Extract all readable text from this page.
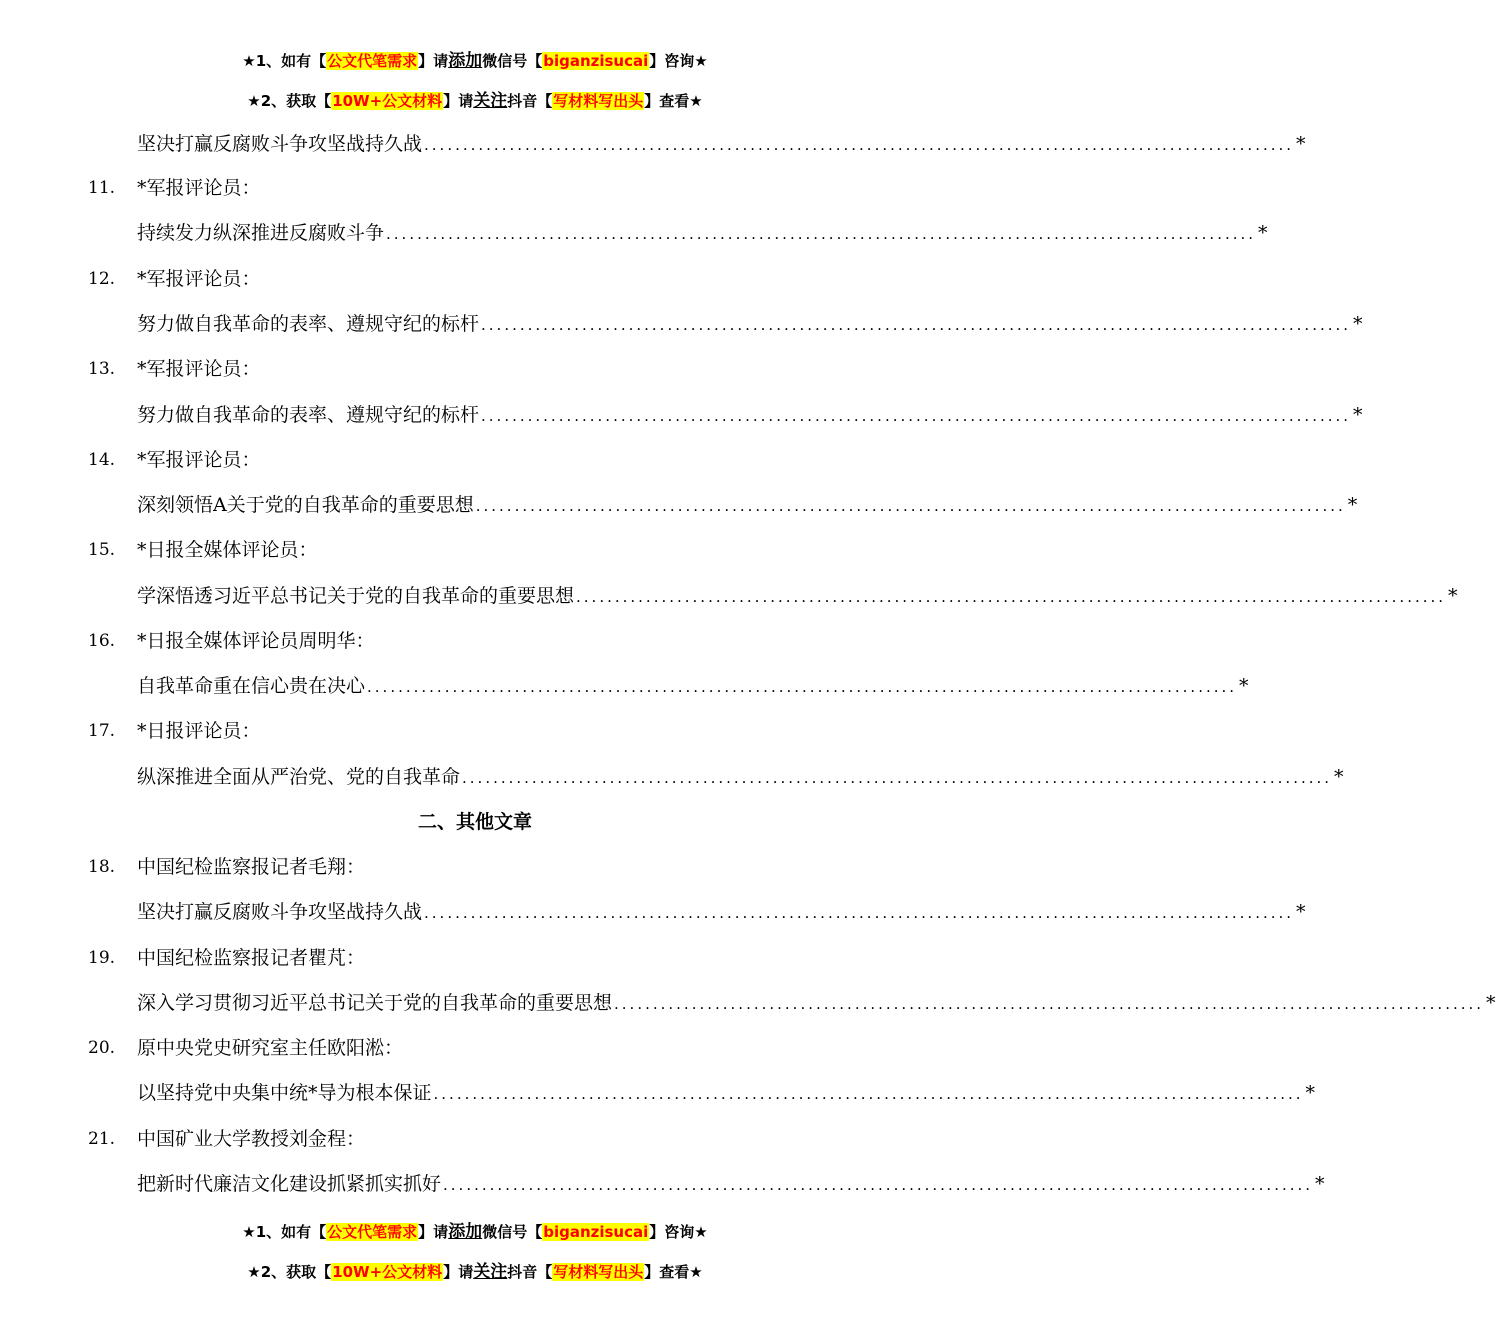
★1、如有【公文代笔需求】请添加微信号【biganzisucai】咨询★
★2、获取【10W+公文材料】请关注抖音【写材料写出头】查看★
坚决打赢反腐败斗争攻坚战持久战 ................................................................................................................ *
11.	*军报评论员：
持续发力纵深推进反腐败斗争 ................................................................................................................ *
12.	*军报评论员：
努力做自我革命的表率、遵规守纪的标杆 ................................................................................................................ *
13.	*军报评论员：
努力做自我革命的表率、遵规守纪的标杆 ................................................................................................................ *
14.	*军报评论员：
深刻领悟A关于党的自我革命的重要思想 ................................................................................................................ *
15.	*日报全媒体评论员：
学深悟透习近平总书记关于党的自我革命的重要思想 ................................................................................................................ *
16.	*日报全媒体评论员周明华：
自我革命重在信心贵在决心 ................................................................................................................ *
17.	*日报评论员：
纵深推进全面从严治党、党的自我革命 ................................................................................................................ *
二、其他文章
18.	中国纪检监察报记者毛翔：
坚决打赢反腐败斗争攻坚战持久战 ................................................................................................................ *
19.	中国纪检监察报记者瞿芃：
深入学习贯彻习近平总书记关于党的自我革命的重要思想 ................................................................................................................ *
20.	原中央党史研究室主任欧阳淞：
以坚持党中央集中统*导为根本保证 ................................................................................................................ *
21.	中国矿业大学教授刘金程：
把新时代廉洁文化建设抓紧抓实抓好 ................................................................................................................ *
★1、如有【公文代笔需求】请添加微信号【biganzisucai】咨询★
★2、获取【10W+公文材料】请关注抖音【写材料写出头】查看★
